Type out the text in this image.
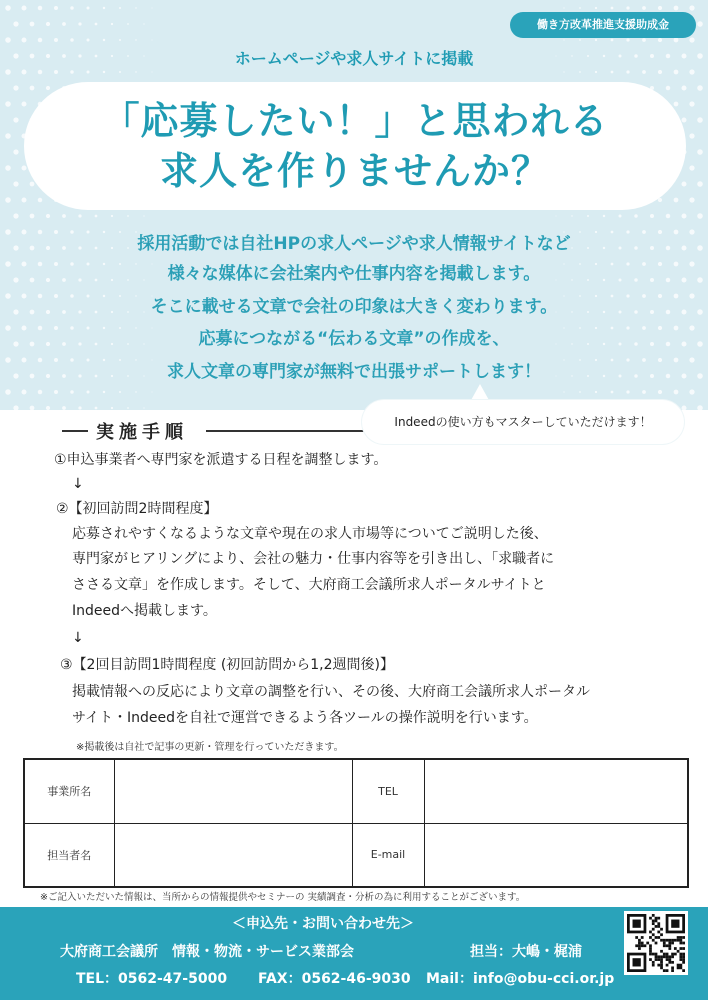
働き方改革推進支援助成金
ホームページや求人サイトに掲載
「応募したい！」と思われる
求人を作りませんか？
採用活動では自社HPの求人ページや求人情報サイトなど
様々な媒体に会社案内や仕事内容を掲載します。
そこに載せる文章で会社の印象は大きく変わります。
応募につながる“伝わる文章”の作成を、
求人文章の専門家が無料で出張サポートします！
Indeedの使い方もマスターしていただけます！
実施手順
①申込事業者へ専門家を派遣する日程を調整します。
↓
②【初回訪問2時間程度】
応募されやすくなるような文章や現在の求人市場等についてご説明した後、
専門家がヒアリングにより、会社の魅力・仕事内容等を引き出し、「求職者に
ささる文章」を作成します。そして、大府商工会議所求人ポータルサイトと
Indeedへ掲載します。
↓
③【2回目訪問1時間程度 (初回訪問から1,2週間後)】
掲載情報への反応により文章の調整を行い、その後、大府商工会議所求人ポータル
サイト・Indeedを自社で運営できるよう各ツールの操作説明を行います。
※掲載後は自社で記事の更新・管理を行っていただきます。
事業所名		TEL	
担当者名		E-mail	
※ご記入いただいた情報は、当所からの情報提供やセミナーの 実績調査・分析の為に利用することがございます。
＜申込先・お問い合わせ先＞
大府商工会議所　情報・物流・サービス業部会	担当：大嶋・梶浦
TEL：0562-47-5000 FAX：0562-46-9030 Mail：info@obu-cci.or.jp
